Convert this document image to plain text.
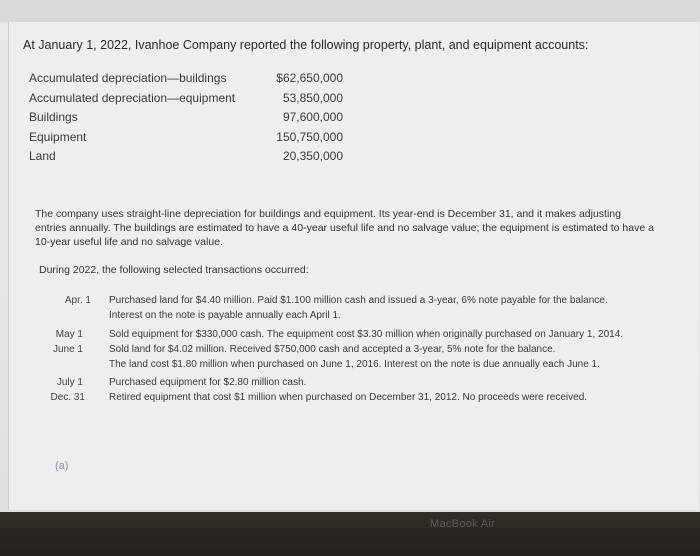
At January 1, 2022, Ivanhoe Company reported the following property, plant, and equipment accounts:
Accumulated depreciation—buildings	$62,650,000
Accumulated depreciation—equipment	53,850,000
Buildings	97,600,000
Equipment	150,750,000
Land	20,350,000
The company uses straight-line depreciation for buildings and equipment. Its year-end is December 31, and it makes adjusting
entries annually. The buildings are estimated to have a 40-year useful life and no salvage value; the equipment is estimated to have a
10-year useful life and no salvage value.
During 2022, the following selected transactions occurred:
Apr. 1 Purchased land for $4.40 million. Paid $1.100 million cash and issued a 3-year, 6% note payable for the balance.
Interest on the note is payable annually each April 1.
May 1	Sold equipment for $330,000 cash. The equipment cost $3.30 million when originally purchased on January 1, 2014.
June 1	Sold land for $4.02 million. Received $750,000 cash and accepted a 3-year, 5% note for the balance.
The land cost $1.80 million when purchased on June 1, 2016. Interest on the note is due annually each June 1.
July 1	Purchased equipment for $2.80 million cash.
Dec. 31 Retired equipment that cost $1 million when purchased on December 31, 2012. No proceeds were received.
(a)
MacBook Air
